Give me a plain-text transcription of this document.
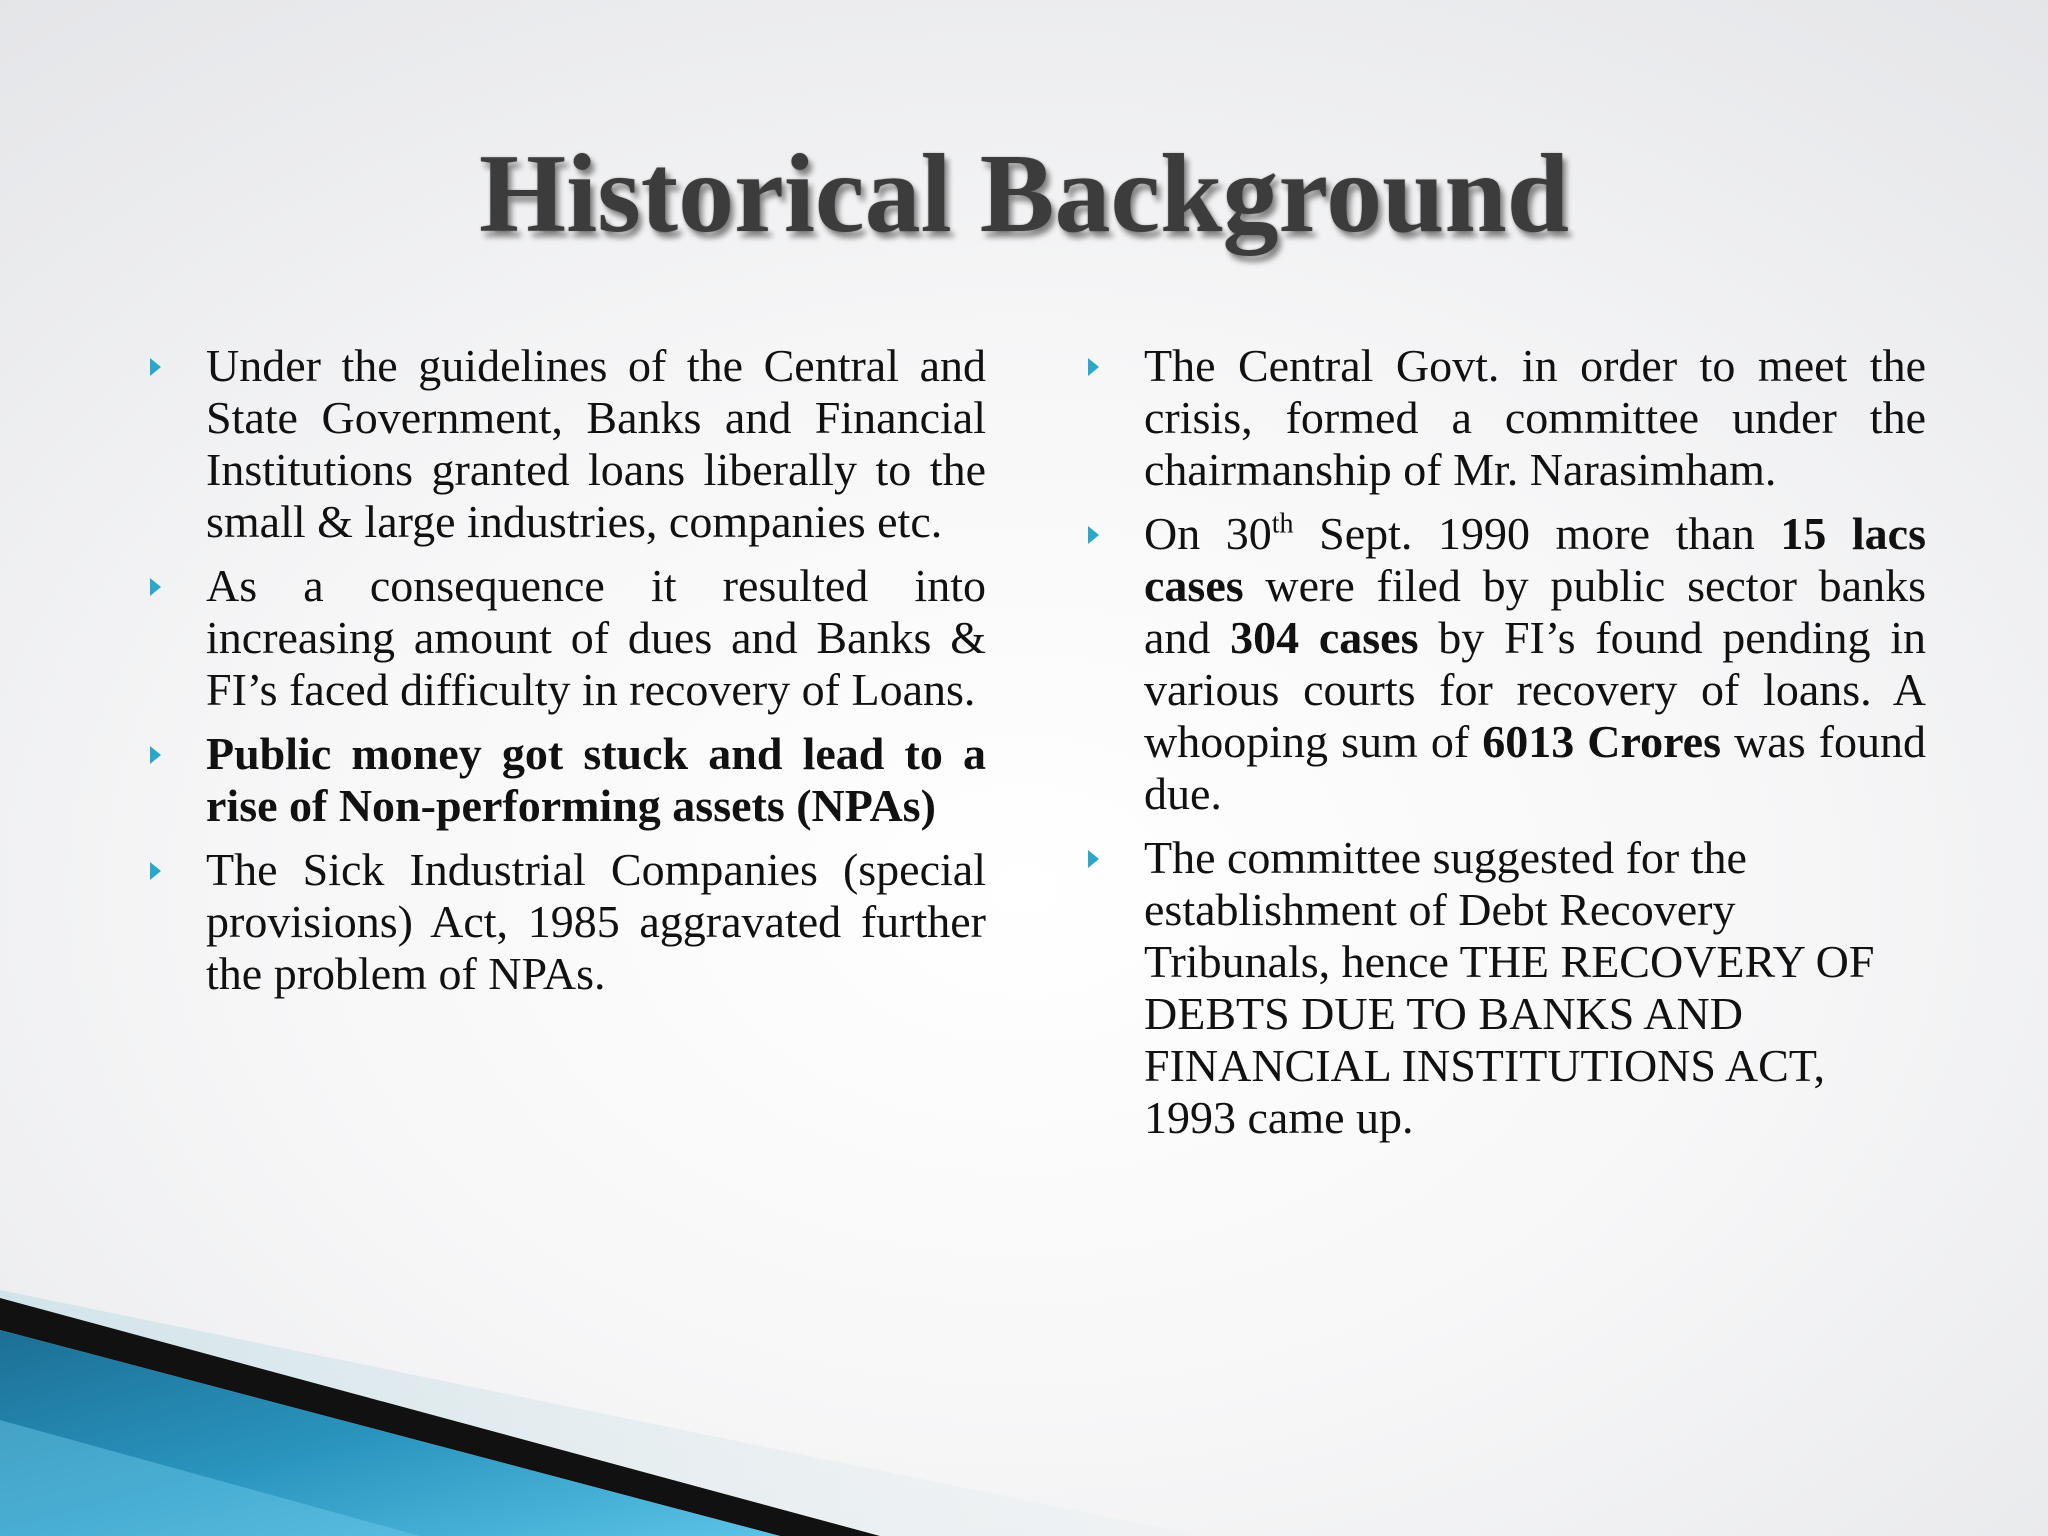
Historical Background
Under the guidelines of the Central and State Government, Banks and Financial Institutions granted loans liberally to the small & large industries, companies etc.
As a consequence it resulted into increasing amount of dues and Banks & FI’s faced difficulty in recovery of Loans.
Public money got stuck and lead to a rise of Non-performing assets (NPAs)
The Sick Industrial Companies (special provisions) Act, 1985 aggravated further the problem of NPAs.
The Central Govt. in order to meet the crisis, formed a committee under the chairmanship of Mr. Narasimham.
On 30th Sept. 1990 more than 15 lacs cases were filed by public sector banks and 304 cases by FI’s found pending in various courts for recovery of loans. A whooping sum of 6013 Crores was found due.
The committee suggested for the establishment of Debt Recovery Tribunals, hence THE RECOVERY OF DEBTS DUE TO BANKS AND FINANCIAL INSTITUTIONS ACT, 1993 came up.
